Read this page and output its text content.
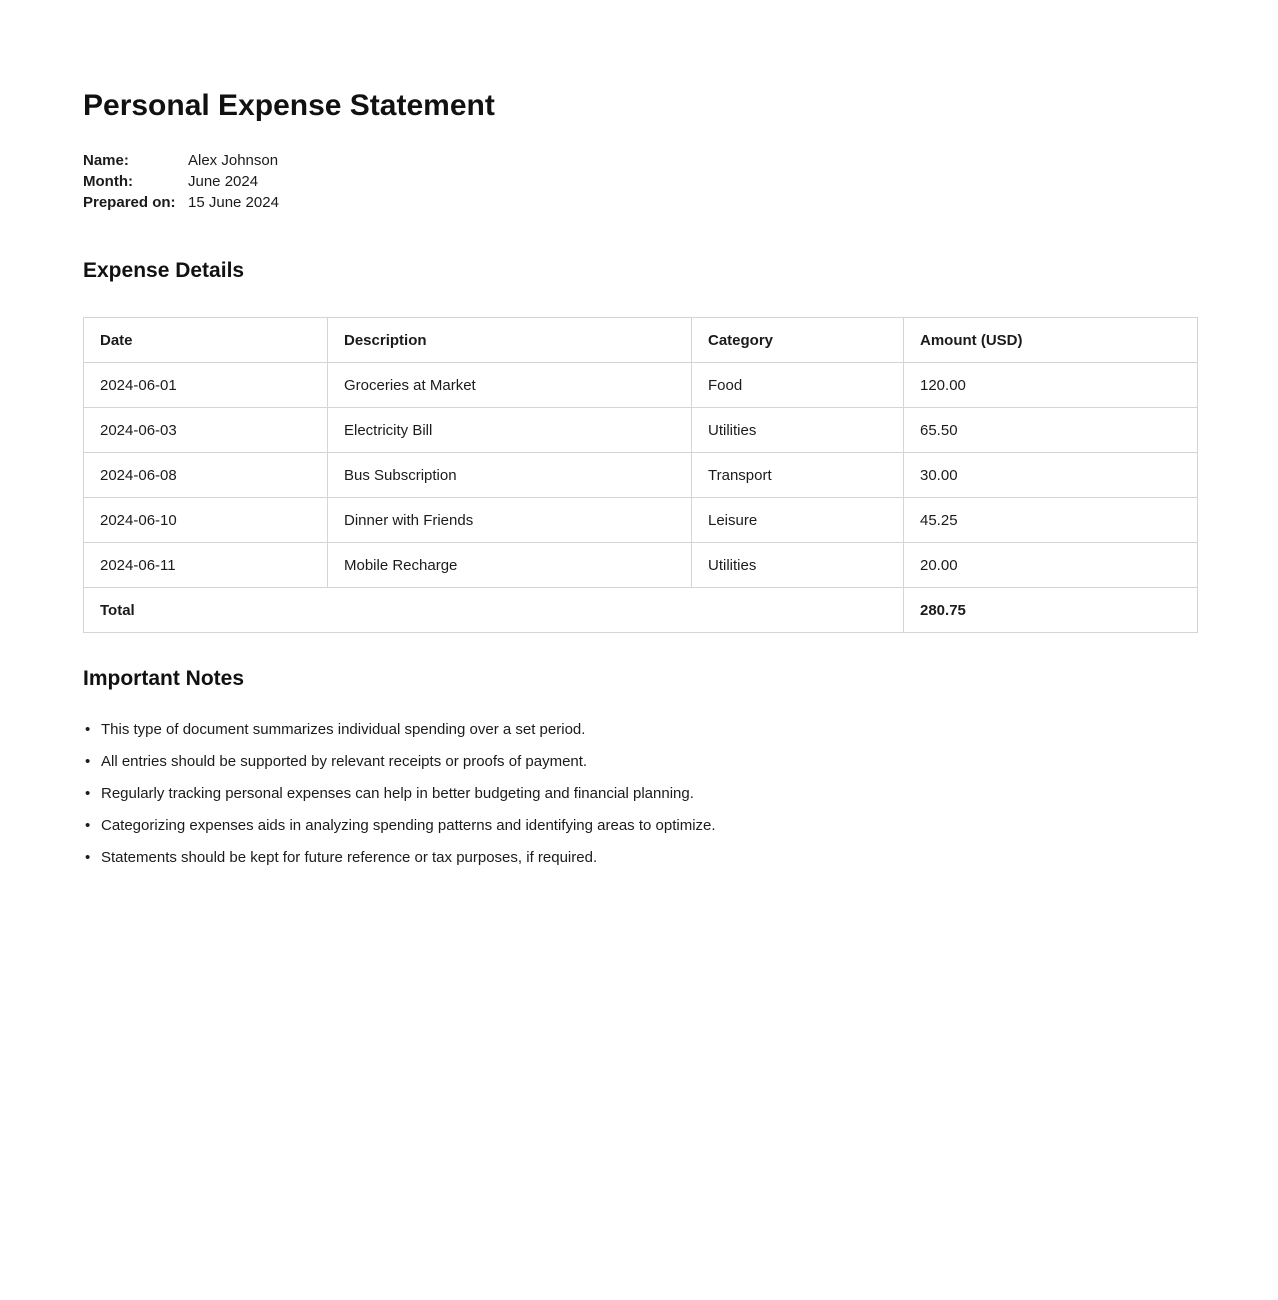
Personal Expense Statement
Name:	Alex Johnson
Month:	June 2024
Prepared on: 15 June 2024
Expense Details
Date	Description	Category	Amount (USD)
2024-06-01	Groceries at Market	Food	120.00
2024-06-03	Electricity Bill	Utilities	65.50
2024-06-08	Bus Subscription	Transport	30.00
2024-06-10	Dinner with Friends	Leisure	45.25
2024-06-11	Mobile Recharge	Utilities	20.00
Total			280.75
Important Notes
• This type of document summarizes individual spending over a set period.
• All entries should be supported by relevant receipts or proofs of payment.
• Regularly tracking personal expenses can help in better budgeting and financial planning.
• Categorizing expenses aids in analyzing spending patterns and identifying areas to optimize.
• Statements should be kept for future reference or tax purposes, if required.
